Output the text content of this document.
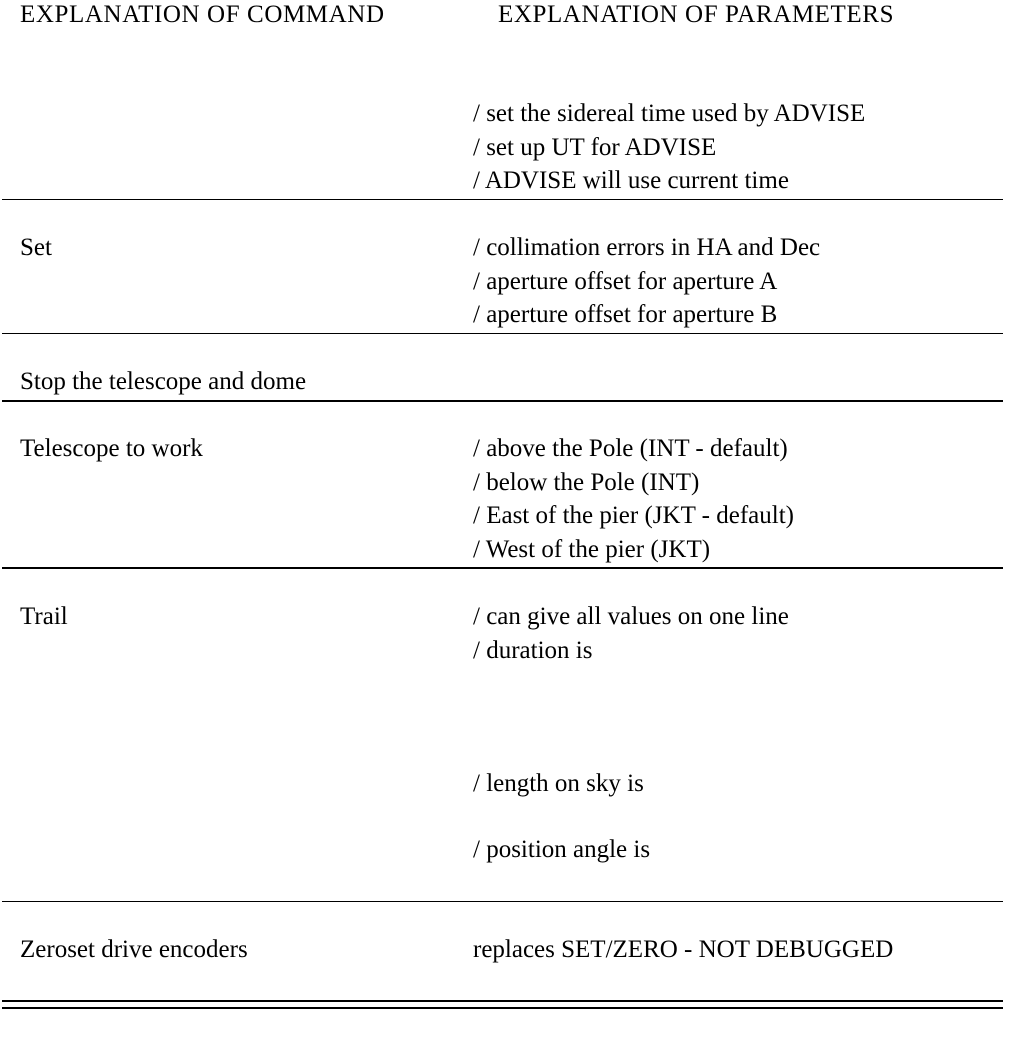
EXPLANATION OF COMMAND	EXPLANATION OF PARAMETERS
/ set the sidereal time used by ADVISE
/ set up UT for ADVISE
/ ADVISE will use current time
Set	/ collimation errors in HA and Dec
/ aperture offset for aperture A
/ aperture offset for aperture B
Stop the telescope and dome
Telescope to work	/ above the Pole (INT - default)
/ below the Pole (INT)
/ East of the pier (JKT - default)
/ West of the pier (JKT)
Trail	/ can give all values on one line
/ duration is
/ length on sky is
/ position angle is
Zeroset drive encoders	replaces SET/ZERO - NOT DEBUGGED
